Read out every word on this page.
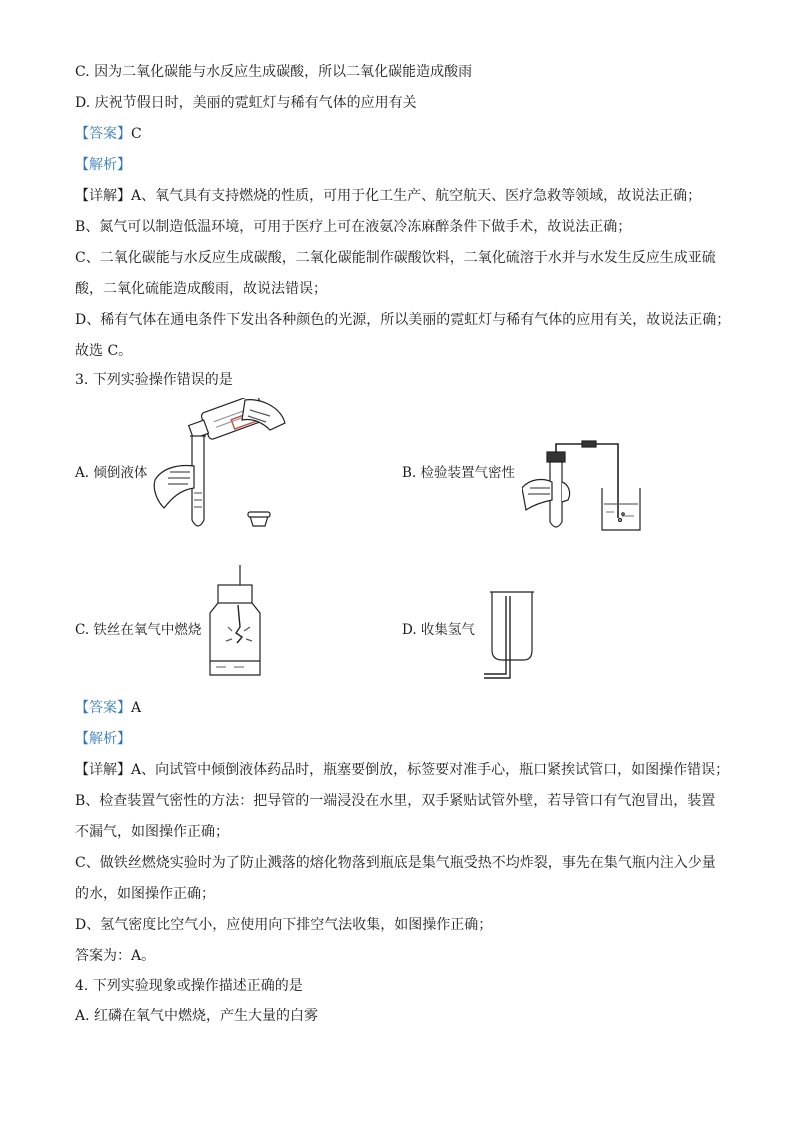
C. 因为二氧化碳能与水反应生成碳酸，所以二氧化碳能造成酸雨
D. 庆祝节假日时，美丽的霓虹灯与稀有气体的应用有关
【答案】C
【解析】
【详解】A、氧气具有支持燃烧的性质，可用于化工生产、航空航天、医疗急救等领域，故说法正确；
B、氮气可以制造低温环境，可用于医疗上可在液氨冷冻麻醉条件下做手术，故说法正确；
C、二氧化碳能与水反应生成碳酸，二氧化碳能制作碳酸饮料，二氧化硫溶于水并与水发生反应生成亚硫
酸，二氧化硫能造成酸雨，故说法错误；
D、稀有气体在通电条件下发出各种颜色的光源，所以美丽的霓虹灯与稀有气体的应用有关，故说法正确；
故选 C。
3. 下列实验操作错误的是
A. 倾倒液体	B. 检验装置气密性
C. 铁丝在氧气中燃烧	D. 收集氢气
【答案】A
【解析】
【详解】A、向试管中倾倒液体药品时，瓶塞要倒放，标签要对准手心，瓶口紧挨试管口，如图操作错误；
B、检查装置气密性的方法：把导管的一端浸没在水里，双手紧贴试管外壁，若导管口有气泡冒出，装置
不漏气，如图操作正确；
C、做铁丝燃烧实验时为了防止溅落的熔化物落到瓶底是集气瓶受热不均炸裂，事先在集气瓶内注入少量
的水，如图操作正确；
D、氢气密度比空气小，应使用向下排空气法收集，如图操作正确；
答案为：A。
4. 下列实验现象或操作描述正确的是
A. 红磷在氧气中燃烧，产生大量的白雾
